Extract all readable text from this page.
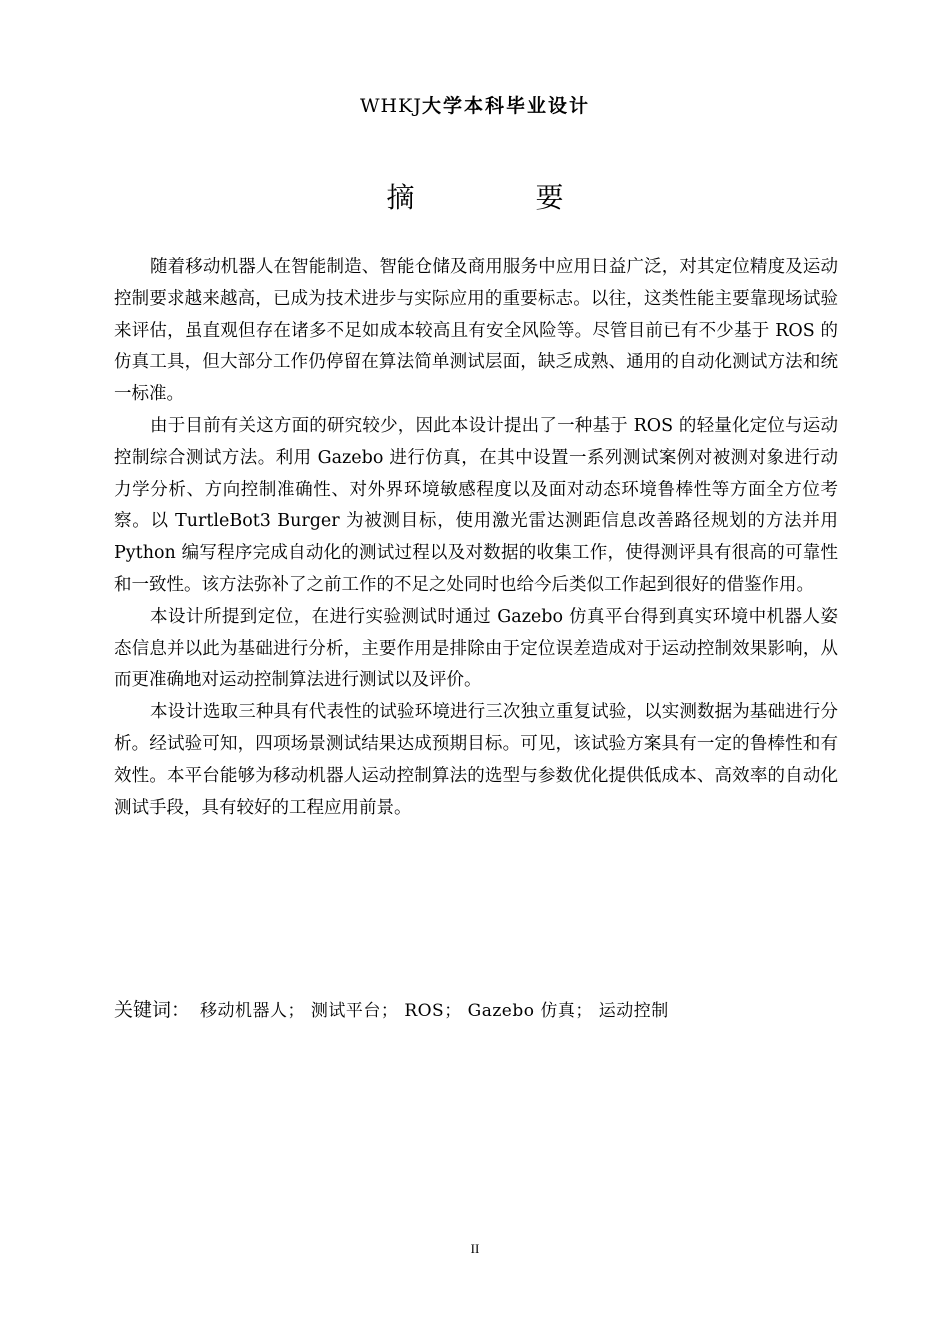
WHKJ大学本科毕业设计
摘 要

随着移动机器人在智能制造、智能仓储及商用服务中应用日益广泛，对其定位精度及运动控制要求越来越高，已成为技术进步与实际应用的重要标志。以往，这类性能主要靠现场试验来评估，虽直观但存在诸多不足如成本较高且有安全风险等。尽管目前已有不少基于 ROS 的仿真工具，但大部分工作仍停留在算法简单测试层面，缺乏成熟、通用的自动化测试方法和统一标准。

由于目前有关这方面的研究较少，因此本设计提出了一种基于 ROS 的轻量化定位与运动控制综合测试方法。利用 Gazebo 进行仿真，在其中设置一系列测试案例对被测对象进行动力学分析、方向控制准确性、对外界环境敏感程度以及面对动态环境鲁棒性等方面全方位考察。以 TurtleBot3 Burger 为被测目标，使用激光雷达测距信息改善路径规划的方法并用 Python 编写程序完成自动化的测试过程以及对数据的收集工作，使得测评具有很高的可靠性和一致性。该方法弥补了之前工作的不足之处同时也给今后类似工作起到很好的借鉴作用。

本设计所提到定位，在进行实验测试时通过 Gazebo 仿真平台得到真实环境中机器人姿态信息并以此为基础进行分析，主要作用是排除由于定位误差造成对于运动控制效果影响，从而更准确地对运动控制算法进行测试以及评价。

本设计选取三种具有代表性的试验环境进行三次独立重复试验，以实测数据为基础进行分析。经试验可知，四项场景测试结果达成预期目标。可见，该试验方案具有一定的鲁棒性和有效性。本平台能够为移动机器人运动控制算法的选型与参数优化提供低成本、高效率的自动化测试手段，具有较好的工程应用前景。

关键词： 移动机器人； 测试平台； ROS； Gazebo 仿真； 运动控制
II
